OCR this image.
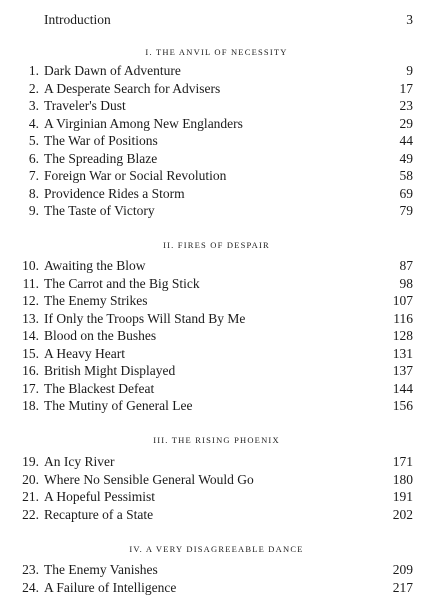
Introduction	3
I. THE ANVIL OF NECESSITY
1. Dark Dawn of Adventure	9
2. A Desperate Search for Advisers	17
3. Traveler's Dust	23
4. A Virginian Among New Englanders	29
5. The War of Positions	44
6. The Spreading Blaze	49
7. Foreign War or Social Revolution	58
8. Providence Rides a Storm	69
9. The Taste of Victory	79
II. FIRES OF DESPAIR
10. Awaiting the Blow	87
11. The Carrot and the Big Stick	98
12. The Enemy Strikes	107
13. If Only the Troops Will Stand By Me	116
14. Blood on the Bushes	128
15. A Heavy Heart	131
16. British Might Displayed	137
17. The Blackest Defeat	144
18. The Mutiny of General Lee	156
III. THE RISING PHOENIX
19. An Icy River	171
20. Where No Sensible General Would Go	180
21. A Hopeful Pessimist	191
22. Recapture of a State	202
IV. A VERY DISAGREEABLE DANCE
23. The Enemy Vanishes	209
24. A Failure of Intelligence	217
